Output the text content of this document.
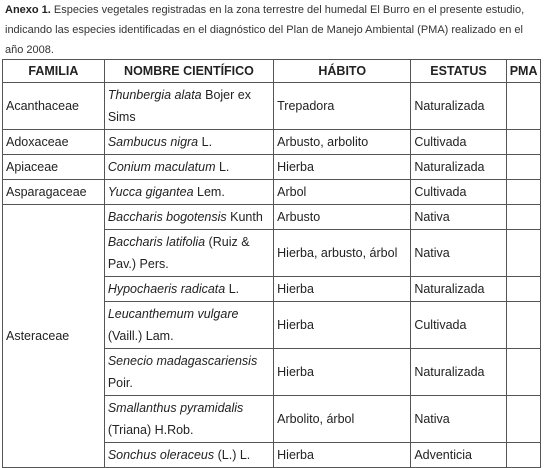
Anexo 1. Especies vegetales registradas en la zona terrestre del humedal El Burro en el presente estudio, indicando las especies identificadas en el diagnóstico del Plan de Manejo Ambiental (PMA) realizado en el año 2008.
FAMILIA	NOMBRE CIENTÍFICO	HÁBITO	ESTATUS	PMA
Acanthaceae	Thunbergia alata Bojer ex Sims	Trepadora	Naturalizada	
Adoxaceae	Sambucus nigra L.	Arbusto, arbolito	Cultivada	
Apiaceae	Conium maculatum L.	Hierba	Naturalizada	
Asparagaceae	Yucca gigantea Lem.	Arbol	Cultivada	
Asteraceae	Baccharis bogotensis Kunth	Arbusto	Nativa	
	Baccharis latifolia (Ruiz & Pav.) Pers.	Hierba, arbusto, árbol	Nativa	
	Hypochaeris radicata L.	Hierba	Naturalizada	
	Leucanthemum vulgare (Vaill.) Lam.	Hierba	Cultivada	
	Senecio madagascariensis Poir.	Hierba	Naturalizada	
	Smallanthus pyramidalis (Triana) H.Rob.	Arbolito, árbol	Nativa	
	Sonchus oleraceus (L.) L.	Hierba	Adventicia	
